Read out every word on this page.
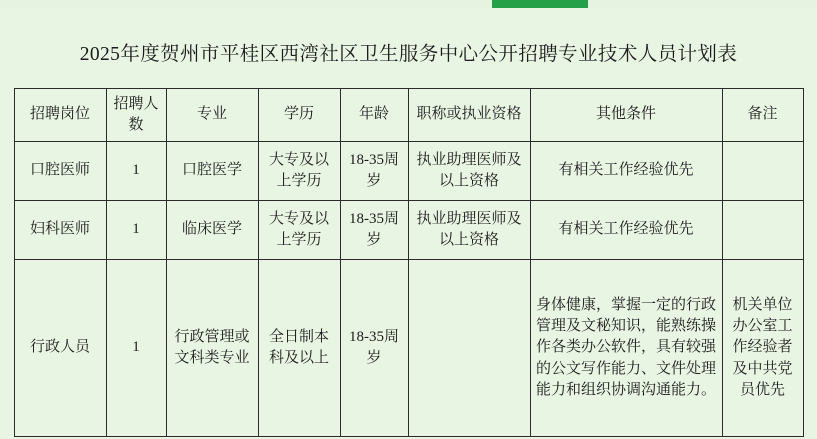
2025年度贺州市平桂区西湾社区卫生服务中心公开招聘专业技术人员计划表
招聘岗位	招聘人数	专业	学历	年龄	职称或执业资格	其他条件	备注
口腔医师	1	口腔医学	大专及以上学历	18-35周岁	执业助理医师及以上资格	有相关工作经验优先	
妇科医师	1	临床医学	大专及以上学历	18-35周岁	执业助理医师及以上资格	有相关工作经验优先	
行政人员	1	行政管理或文科类专业	全日制本科及以上	18-35周岁		身体健康，掌握一定的行政管理及文秘知识，能熟练操作各类办公软件，具有较强的公文写作能力、文件处理能力和组织协调沟通能力。	机关单位办公室工作经验者及中共党员优先
